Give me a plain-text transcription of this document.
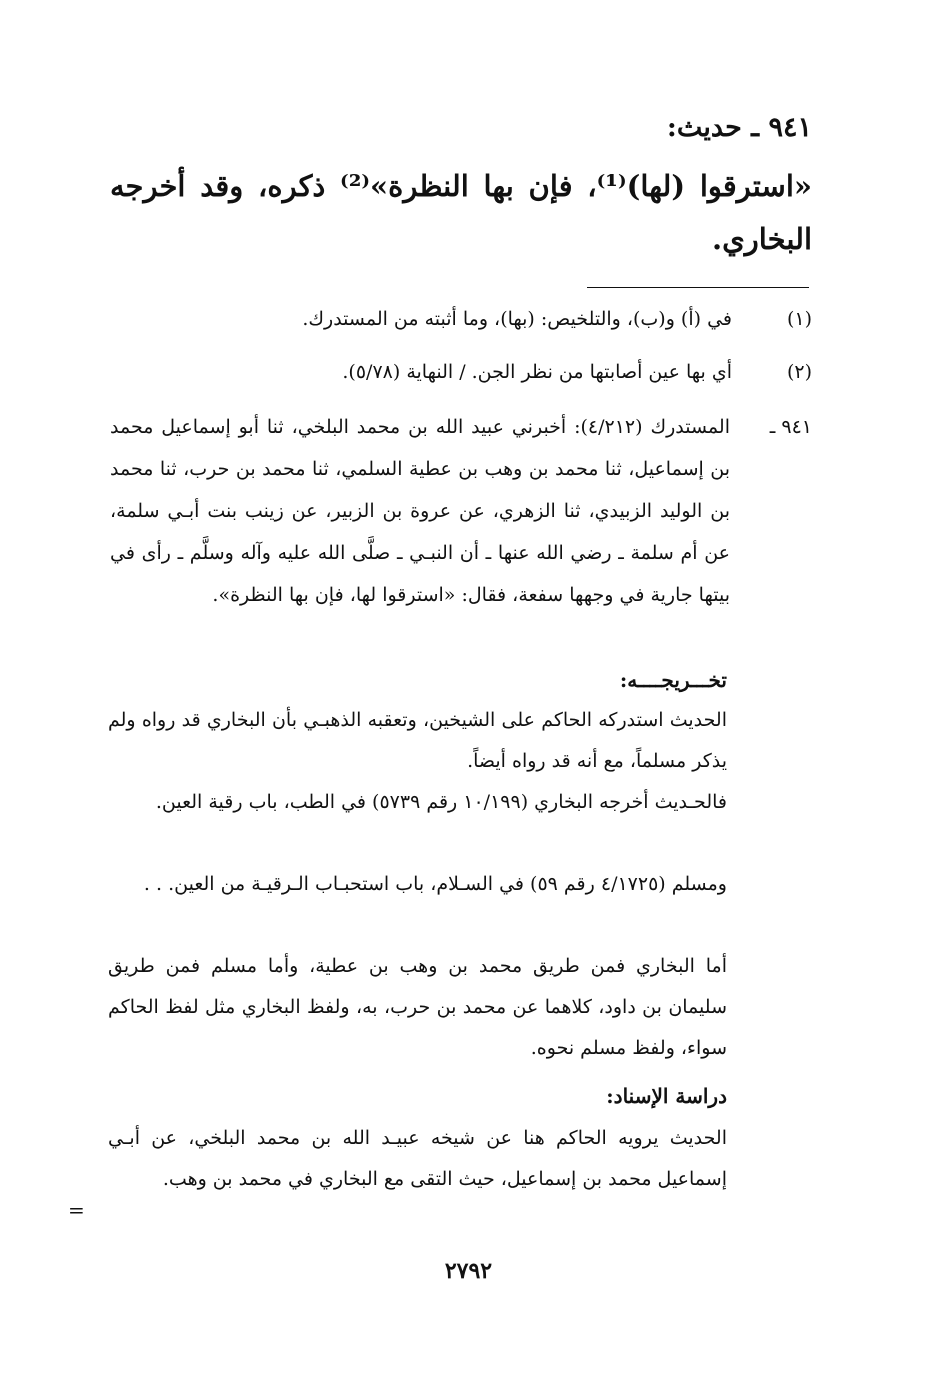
٩٤١ ـ حديث:
«استرقوا (لها)⁽¹⁾، فإن بها النظرة»⁽²⁾ ذكره، وقد أخرجه البخاري.
(١)
في (أ) و(ب)، والتلخيص: (بها)، وما أثبته من المستدرك.
(٢)
أي بها عين أصابتها من نظر الجن. / النهاية (٥/٧٨).
٩٤١ ـ
المستدرك (٤/٢١٢): أخبرني عبيد الله بن محمد البلخي، ثنا أبو إسماعيل محمد بن إسماعيل، ثنا محمد بن وهب بن عطية السلمي، ثنا محمد بن حرب، ثنا محمد بن الوليد الزبيدي، ثنا الزهري، عن عروة بن الزبير، عن زينب بنت أبـي سلمة، عن أم سلمة ـ رضي الله عنها ـ أن النبـي ـ صلَّى الله عليه وآله وسلَّم ـ رأى في بيتها جارية في وجهها سفعة، فقال: «استرقوا لها، فإن بها النظرة».
تخـــريجــــه:
الحديث استدركه الحاكم على الشيخين، وتعقبه الذهبـي بأن البخاري قد رواه ولم يذكر مسلماً، مع أنه قد رواه أيضاً.
فالحـديث أخرجه البخاري (١٠/١٩٩ رقم ٥٧٣٩) في الطب، باب رقية العين.
ومسلم (٤/١٧٢٥ رقم ٥٩) في السـلام، باب استحبـاب الـرقيـة من العين. . .
أما البخاري فمن طريق محمد بن وهب بن عطية، وأما مسلم فمن طريق سليمان بن داود، كلاهما عن محمد بن حرب، به، ولفظ البخاري مثل لفظ الحاكم سواء، ولفظ مسلم نحوه.
دراسة الإسناد:
الحديث يرويه الحاكم هنا عن شيخه عبيـد الله بن محمد البلخي، عن أبـي إسماعيل محمد بن إسماعيل، حيث التقى مع البخاري في محمد بن وهب.
=
٢٧٩٢
